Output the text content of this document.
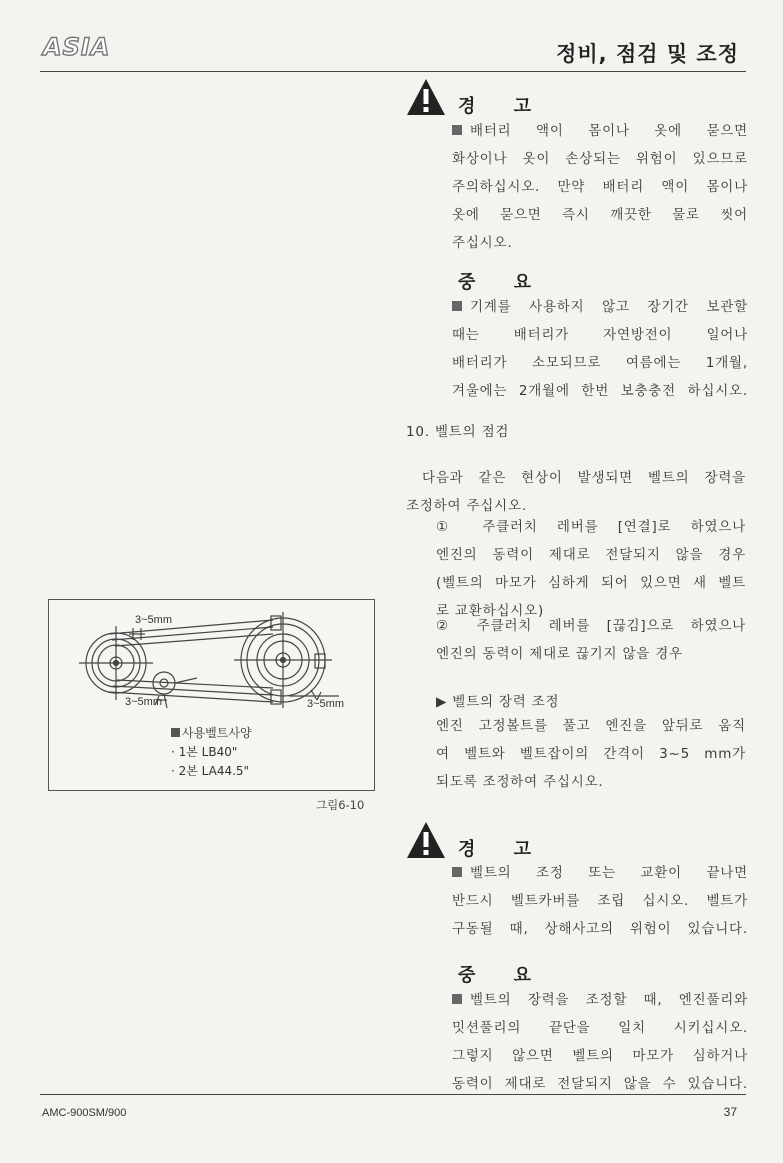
ASIA	정비, 점검 및 조정
경 고

배터리 액이 몸이나 옷에 묻으면

화상이나 옷이 손상되는 위험이 있으므로

주의하십시오. 만약 배터리 액이 몸이나

옷에 묻으면 즉시 깨끗한 물로 씻어

주십시오.

중 요

기계를 사용하지 않고 장기간 보관할

때는 배터리가 자연방전이 일어나

배터리가 소모되므로 여름에는 1개월,

겨울에는 2개월에 한번 보충충전 하십시오.

10. 벨트의 점검
다음과 같은 현상이 발생되면 벨트의 장력을
조정하여 주십시오.
① 주클러치 레버를 [연결]로 하였으나
엔진의 동력이 제대로 전달되지 않을 경우
(벨트의 마모가 심하게 되어 있으면 새 벨트
로 교환하십시오)
② 주클러치 레버를 [끊김]으로 하였으나
엔진의 동력이 제대로 끊기지 않을 경우
▶ 벨트의 장력 조정
엔진 고정볼트를 풀고 엔진을 앞뒤로 움직
여 벨트와 벨트잡이의 간격이 3~5 mm가
되도록 조정하여 주십시오.
3~5mm
3~5mm	3~5mm
사용벨트사양
· 1본 LB40"
· 2본 LA44.5"
그림6-10
경 고

벨트의 조정 또는 교환이 끝나면

반드시 벨트카버를 조립 십시오. 벨트가

구동될 때, 상해사고의 위험이 있습니다.

중 요

벨트의 장력을 조정할 때, 엔진풀리와

밋션풀리의 끝단을 일치 시키십시오.

그렇지 않으면 벨트의 마모가 심하거나

동력이 제대로 전달되지 않을 수 있습니다.

AMC-900SM/900	37
